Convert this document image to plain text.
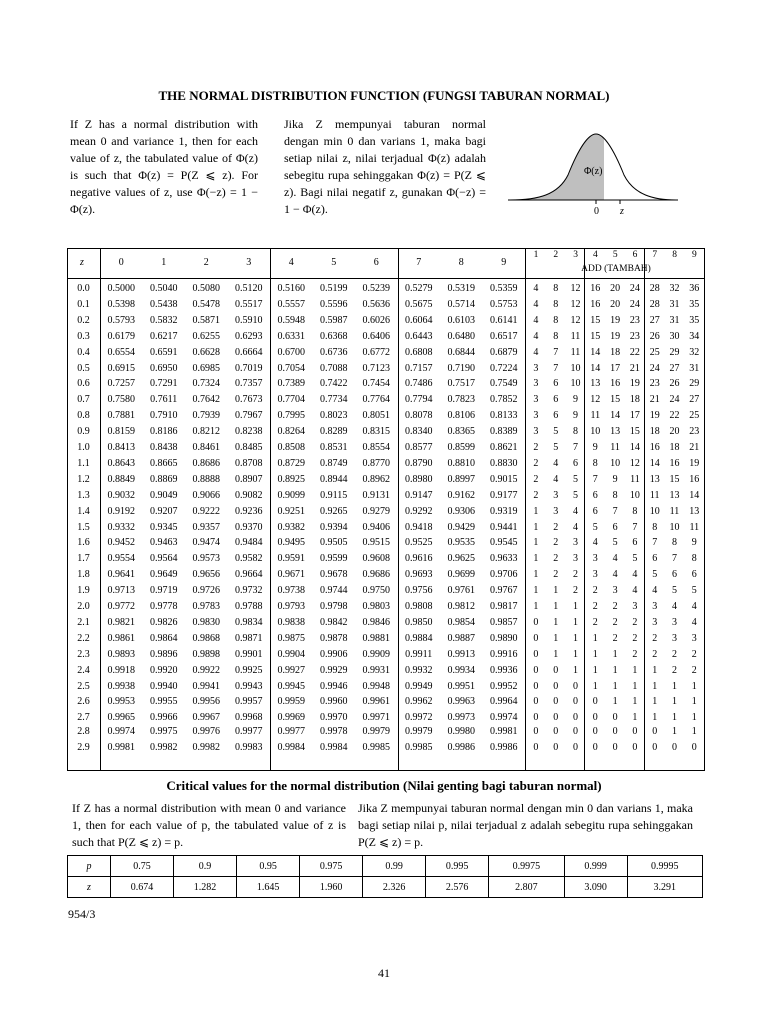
THE NORMAL DISTRIBUTION FUNCTION (FUNGSI TABURAN NORMAL)
If Z has a normal distribution with mean 0 and variance 1, then for each value of z, the tabulated value of Φ(z) is such that Φ(z) = P(Z ⩽ z). For negative values of z, use Φ(−z) = 1 − Φ(z).
Jika Z mempunyai taburan normal dengan min 0 dan varians 1, maka bagi setiap nilai z, nilai terjadual Φ(z) adalah sebegitu rupa sehinggakan Φ(z) = P(Z ⩽ z). Bagi nilai negatif z, gunakan Φ(−z) = 1 − Φ(z).
Φ(z)
0 z
z	0	1	2	3	4	5	6	7	8	9
1	2	3	4	5	6	7	8	9
ADD (TAMBAH)
0.0	0.5000	0.5040	0.5080	0.5120	0.5160	0.5199	0.5239	0.5279	0.5319	0.5359	4	8	12 16 20 24 28 32 36
0.1	0.5398	0.5438	0.5478	0.5517	0.5557	0.5596	0.5636	0.5675	0.5714	0.5753	4	8	12 16 20 24 28 31 35
0.2	0.5793	0.5832	0.5871	0.5910	0.5948	0.5987	0.6026	0.6064	0.6103	0.6141	4	8	12 15 19 23 27 31 35
0.3	0.6179	0.6217	0.6255	0.6293	0.6331	0.6368	0.6406	0.6443	0.6480	0.6517	4	8	11 15 19 23 26 30 34
0.4	0.6554	0.6591	0.6628	0.6664	0.6700	0.6736	0.6772	0.6808	0.6844	0.6879	4	7	11 14 18 22 25 29 32
0.5	0.6915	0.6950	0.6985	0.7019	0.7054	0.7088	0.7123	0.7157	0.7190	0.7224	3	7	10 14 17 21 24 27 31
0.6	0.7257	0.7291	0.7324	0.7357	0.7389	0.7422	0.7454	0.7486	0.7517	0.7549	3	6	10 13 16 19 23 26 29
0.7	0.7580	0.7611	0.7642	0.7673	0.7704	0.7734	0.7764	0.7794	0.7823	0.7852	3	6	9	12 15 18 21 24 27
0.8	0.7881	0.7910	0.7939	0.7967	0.7995	0.8023	0.8051	0.8078	0.8106	0.8133	3	6	9	11 14 17 19 22 25
0.9	0.8159	0.8186	0.8212	0.8238	0.8264	0.8289	0.8315	0.8340	0.8365	0.8389	3	5	8	10 13 15 18 20 23
1.0	0.8413	0.8438	0.8461	0.8485	0.8508	0.8531	0.8554	0.8577	0.8599	0.8621	2	5	7	9	11 14 16 18 21
1.1	0.8643	0.8665	0.8686	0.8708	0.8729	0.8749	0.8770	0.8790	0.8810	0.8830	2	4	6	8	10 12 14 16 19
1.2	0.8849	0.8869	0.8888	0.8907	0.8925	0.8944	0.8962	0.8980	0.8997	0.9015	2	4	5	7	9	11 13 15 16
1.3	0.9032	0.9049	0.9066	0.9082	0.9099	0.9115	0.9131	0.9147	0.9162	0.9177	2	3	5	6	8	10 11 13 14
1.4	0.9192	0.9207	0.9222	0.9236	0.9251	0.9265	0.9279	0.9292	0.9306	0.9319	1	3	4	6	7	8	10 11 13
1.5	0.9332	0.9345	0.9357	0.9370	0.9382	0.9394	0.9406	0.9418	0.9429	0.9441	1	2	4	5	6	7	8	10 11
1.6	0.9452	0.9463	0.9474	0.9484	0.9495	0.9505	0.9515	0.9525	0.9535	0.9545	1	2	3	4	5	6	7	8	9
1.7	0.9554	0.9564	0.9573	0.9582	0.9591	0.9599	0.9608	0.9616	0.9625	0.9633	1	2	3	3	4	5	6	7	8
1.8	0.9641	0.9649	0.9656	0.9664	0.9671	0.9678	0.9686	0.9693	0.9699	0.9706	1	2	2	3	4	4	5	6	6
1.9	0.9713	0.9719	0.9726	0.9732	0.9738	0.9744	0.9750	0.9756	0.9761	0.9767	1	1	2	2	3	4	4	5	5
2.0	0.9772	0.9778	0.9783	0.9788	0.9793	0.9798	0.9803	0.9808	0.9812	0.9817	1	1	1	2	2	3	3	4	4
2.1	0.9821	0.9826	0.9830	0.9834	0.9838	0.9842	0.9846	0.9850	0.9854	0.9857	0	1	1	2	2	2	3	3	4
2.2	0.9861	0.9864	0.9868	0.9871	0.9875	0.9878	0.9881	0.9884	0.9887	0.9890	0	1	1	1	2	2	2	3	3
2.3	0.9893	0.9896	0.9898	0.9901	0.9904	0.9906	0.9909	0.9911	0.9913	0.9916	0	1	1	1	1	2	2	2	2
2.4	0.9918	0.9920	0.9922	0.9925	0.9927	0.9929	0.9931	0.9932	0.9934	0.9936	0	0	1	1	1	1	1	2	2
2.5	0.9938	0.9940	0.9941	0.9943	0.9945	0.9946	0.9948	0.9949	0.9951	0.9952	0	0	0	1	1	1	1	1	1
2.6	0.9953	0.9955	0.9956	0.9957	0.9959	0.9960	0.9961	0.9962	0.9963	0.9964	0	0	0	0	1	1	1	1	1
2.7	0.9965	0.9966	0.9967	0.9968	0.9969	0.9970	0.9971	0.9972	0.9973	0.9974	0	0	0	0	0	1	1	1	1
2.8	0.9974	0.9975	0.9976	0.9977	0.9977	0.9978	0.9979	0.9979	0.9980	0.9981	0	0	0	0	0	0	0	1	1
2.9	0.9981	0.9982	0.9982	0.9983	0.9984	0.9984	0.9985	0.9985	0.9986	0.9986	0	0	0	0	0	0	0	0	0
Critical values for the normal distribution (Nilai genting bagi taburan normal)
If Z has a normal distribution with mean 0 and variance 1, then for each value of p, the tabulated value of z is such that P(Z ⩽ z) = p.
Jika Z mempunyai taburan normal dengan min 0 dan varians 1, maka bagi setiap nilai p, nilai terjadual z adalah sebegitu rupa sehinggakan P(Z ⩽ z) = p.
p	0.75	0.9	0.95	0.975	0.99	0.995	0.9975	0.999	0.9995
z	0.674	1.282	1.645	1.960	2.326	2.576	2.807	3.090	3.291
954/3
41
